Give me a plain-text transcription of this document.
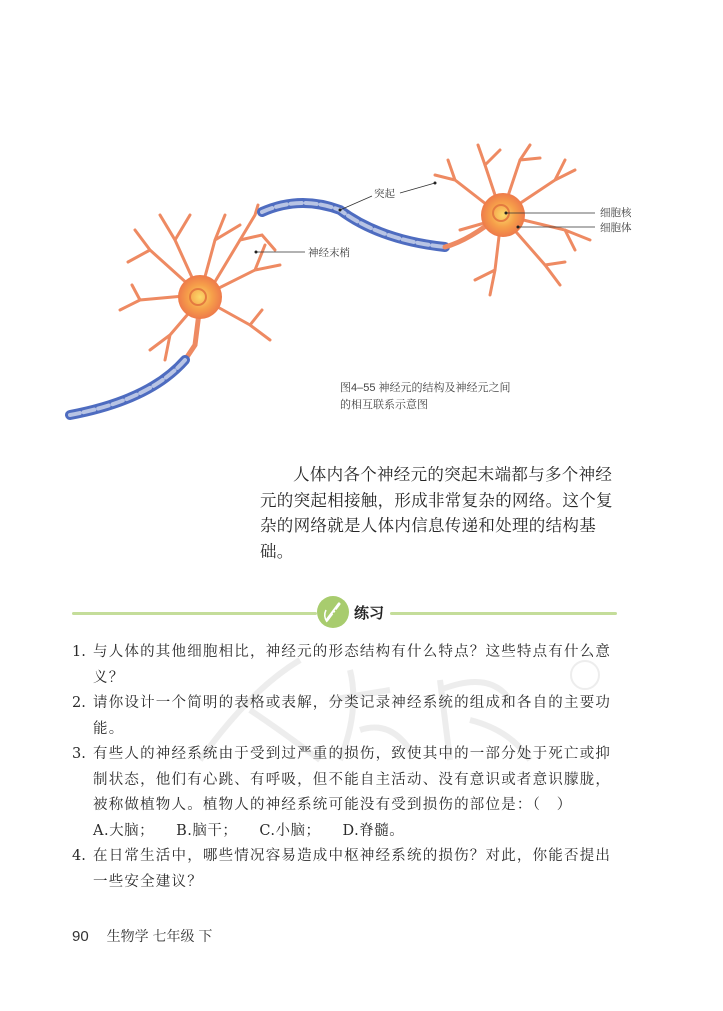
突起
神经末梢
细胞核
细胞体
图4–55 神经元的结构及神经元之间
的相互联系示意图

人体内各个神经元的突起末端都与多个神经元的突起相接触，形成非常复杂的网络。这个复杂的网络就是人体内信息传递和处理的结构基础。

练习
1. 与人体的其他细胞相比，神经元的形态结构有什么特点？这些特点有什么意义？
2. 请你设计一个简明的表格或表解，分类记录神经系统的组成和各自的主要功能。
3. 有些人的神经系统由于受到过严重的损伤，致使其中的一部分处于死亡或抑制状态，他们有心跳、有呼吸，但不能自主活动、没有意识或者意识朦胧，被称做植物人。植物人的神经系统可能没有受到损伤的部位是：（　）
A.大脑； B.脑干； C.小脑； D.脊髓。
4. 在日常生活中，哪些情况容易造成中枢神经系统的损伤？对此，你能否提出一些安全建议？
90 生物学 七年级 下
